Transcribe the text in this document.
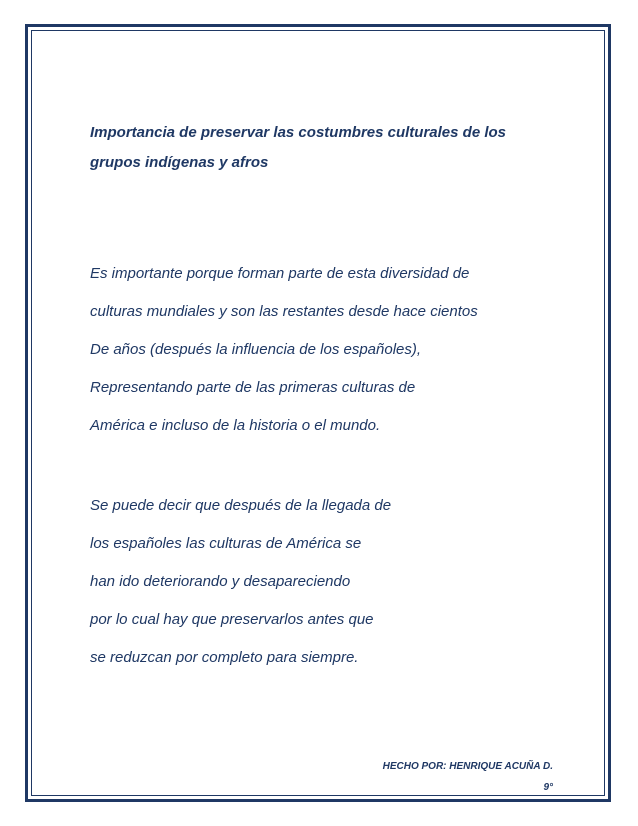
Importancia de preservar las costumbres culturales de los
grupos indígenas y afros

Es importante porque forman parte de esta diversidad de
culturas mundiales y son las restantes desde hace cientos
De años (después la influencia de los españoles),
Representando parte de las primeras culturas de
América e incluso de la historia o el mundo.

Se puede decir que después de la llegada de
los españoles las culturas de América se
han ido deteriorando y desapareciendo
por lo cual hay que preservarlos antes que
se reduzcan por completo para siempre.

HECHO POR: HENRIQUE ACUÑA D.
9°
